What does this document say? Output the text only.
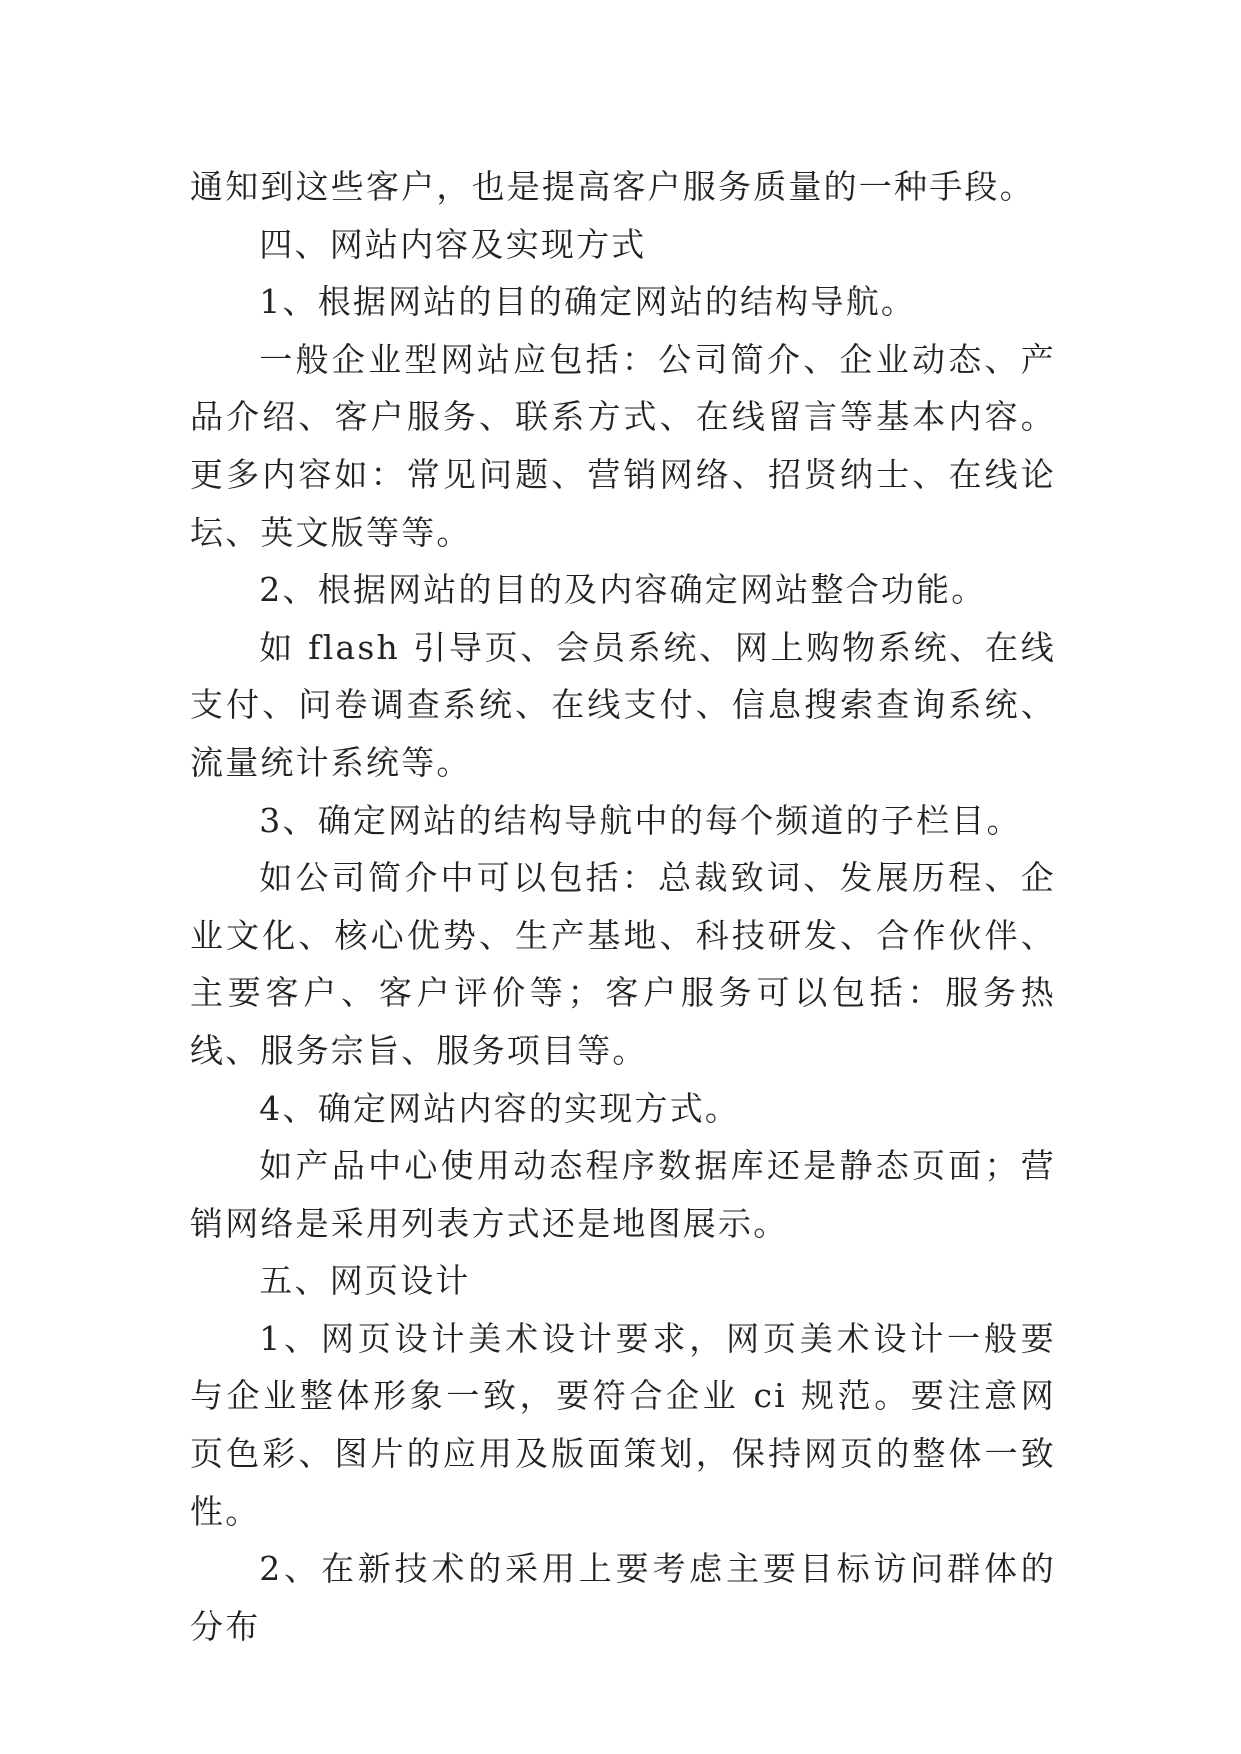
通知到这些客户，也是提高客户服务质量的一种手段。

四、网站内容及实现方式

1、根据网站的目的确定网站的结构导航。

一般企业型网站应包括：公司简介、企业动态、产品介绍、客户服务、联系方式、在线留言等基本内容。更多内容如：常见问题、营销网络、招贤纳士、在线论坛、英文版等等。

2、根据网站的目的及内容确定网站整合功能。

如 flash 引导页、会员系统、网上购物系统、在线支付、问卷调查系统、在线支付、信息搜索查询系统、流量统计系统等。

3、确定网站的结构导航中的每个频道的子栏目。

如公司简介中可以包括：总裁致词、发展历程、企业文化、核心优势、生产基地、科技研发、合作伙伴、主要客户、客户评价等；客户服务可以包括：服务热线、服务宗旨、服务项目等。

4、确定网站内容的实现方式。

如产品中心使用动态程序数据库还是静态页面；营销网络是采用列表方式还是地图展示。

五、网页设计

1、网页设计美术设计要求，网页美术设计一般要与企业整体形象一致，要符合企业 ci 规范。要注意网页色彩、图片的应用及版面策划，保持网页的整体一致性。

2、在新技术的采用上要考虑主要目标访问群体的分布
